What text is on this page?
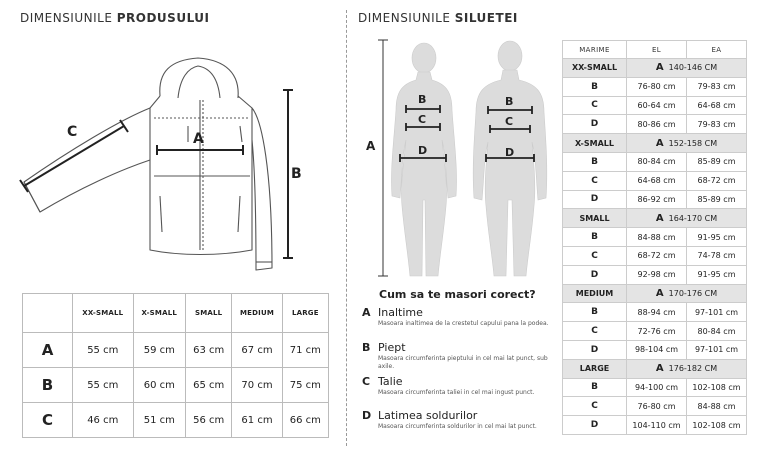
DIMENSIUNILE PRODUSULUI	DIMENSIUNILE SILUETEI
A
B
C
	XX-SMALL	X-SMALL	SMALL	MEDIUM	LARGE
A	55 cm	59 cm	63 cm	67 cm	71 cm
B	55 cm	60 cm	65 cm	70 cm	75 cm
C	46 cm	51 cm	56 cm	61 cm	66 cm
A
B
C
D
B
C
D
Cum sa te masori corect?
A Inaltime
Masoara inaltimea de la crestetul capului pana la podea.
B Piept
Masoara circumferinta pieptului in cel mai lat punct, sub axile.
C Talie
Masoara circumferinta taliei in cel mai ingust punct.
D Latimea soldurilor
Masoara circumferinta soldurilor in cel mai lat punct.
MARIME	EL	EA
XX-SMALL	A 140-146 CM	
B	76-80 cm	79-83 cm
C	60-64 cm	64-68 cm
D	80-86 cm	79-83 cm
X-SMALL	A 152-158 CM	
B	80-84 cm	85-89 cm
C	64-68 cm	68-72 cm
D	86-92 cm	85-89 cm
SMALL	A 164-170 CM	
B	84-88 cm	91-95 cm
C	68-72 cm	74-78 cm
D	92-98 cm	91-95 cm
MEDIUM	A 170-176 CM	
B	88-94 cm	97-101 cm
C	72-76 cm	80-84 cm
D	98-104 cm	97-101 cm
LARGE	A 176-182 CM	
B	94-100 cm	102-108 cm
C	76-80 cm	84-88 cm
D	104-110 cm	102-108 cm
